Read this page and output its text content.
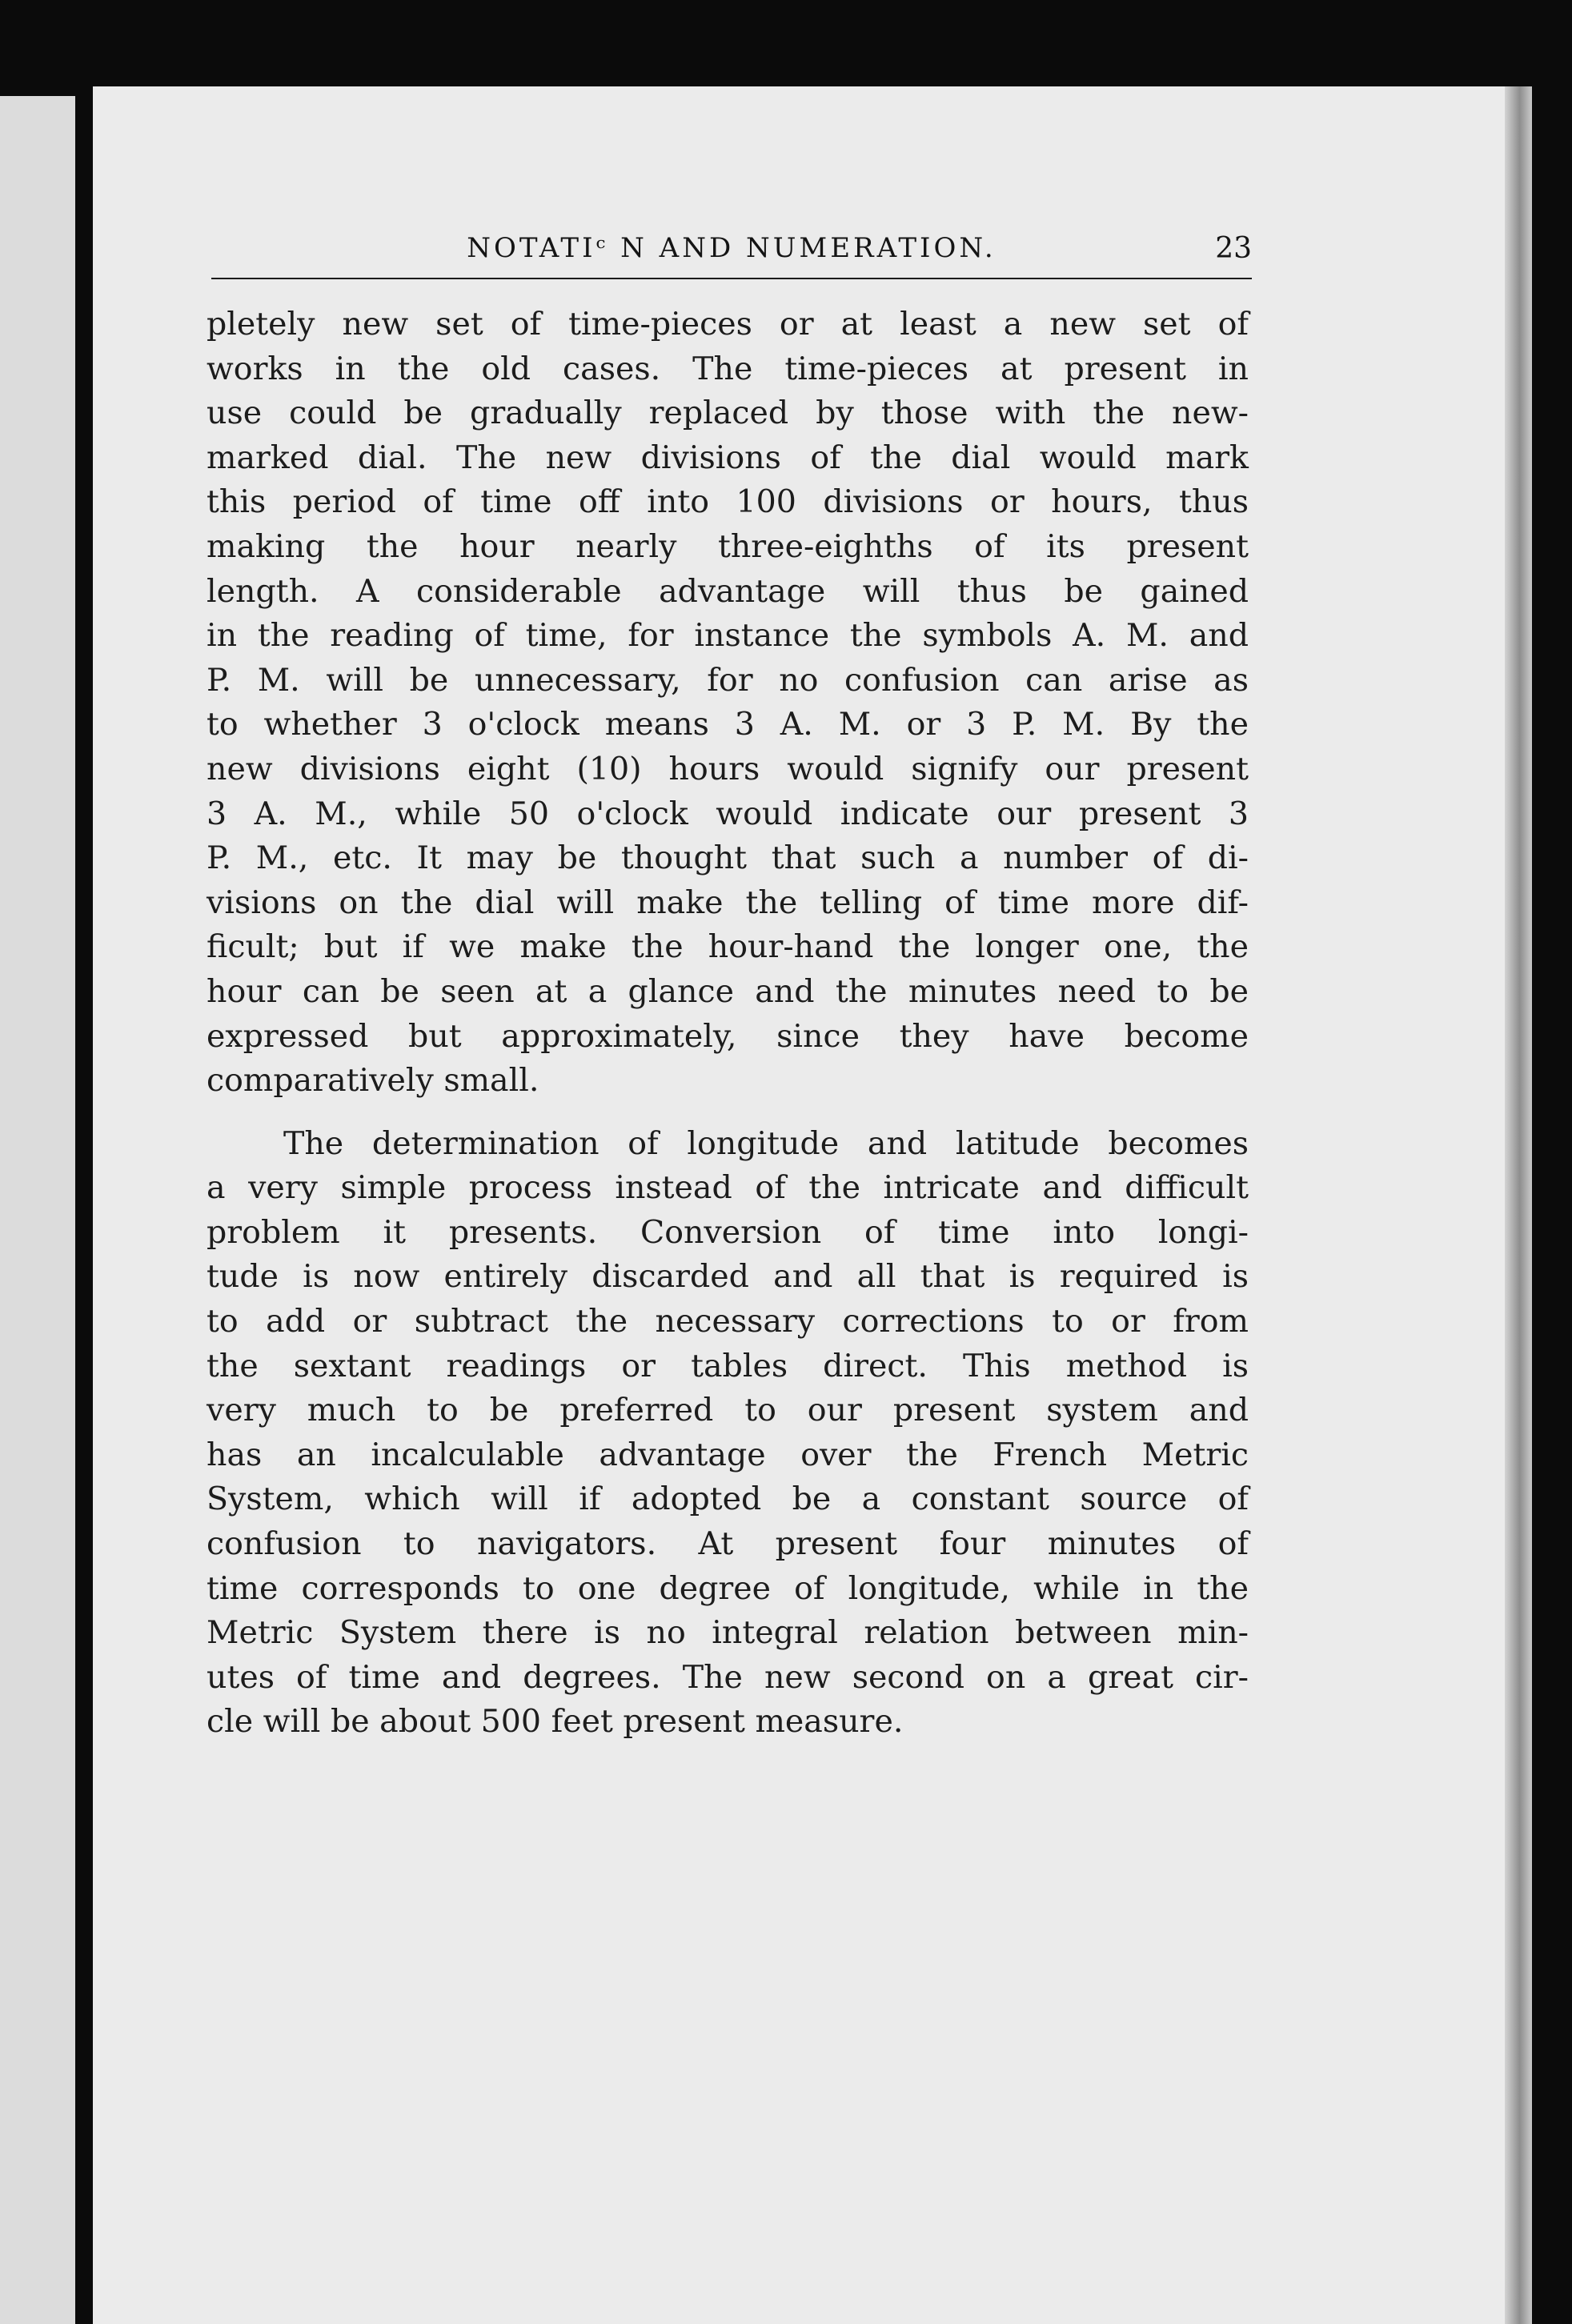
NOTATIᶜ N AND NUMERATION.	23

pletely new set of time-pieces or at least a new set of
works in the old cases. The time-pieces at present in
use could be gradually replaced by those with the new-
marked dial. The new divisions of the dial would mark
this period of time off into 100 divisions or hours, thus
making the hour nearly three-eighths of its present
length. A considerable advantage will thus be gained
in the reading of time, for instance the symbols A. M. and
P. M. will be unnecessary, for no confusion can arise as
to whether 3 o'clock means 3 A. M. or 3 P. M. By the
new divisions eight (10) hours would signify our present
3 A. M., while 50 o'clock would indicate our present 3
P. M., etc. It may be thought that such a number of di-
visions on the dial will make the telling of time more dif-
ficult; but if we make the hour-hand the longer one, the
hour can be seen at a glance and the minutes need to be
expressed but approximately, since they have become
comparatively small.

The determination of longitude and latitude becomes
a very simple process instead of the intricate and difficult
problem it presents. Conversion of time into longi-
tude is now entirely discarded and all that is required is
to add or subtract the necessary corrections to or from
the sextant readings or tables direct. This method is
very much to be preferred to our present system and
has an incalculable advantage over the French Metric
System, which will if adopted be a constant source of
confusion to navigators. At present four minutes of
time corresponds to one degree of longitude, while in the
Metric System there is no integral relation between min-
utes of time and degrees. The new second on a great cir-
cle will be about 500 feet present measure.
